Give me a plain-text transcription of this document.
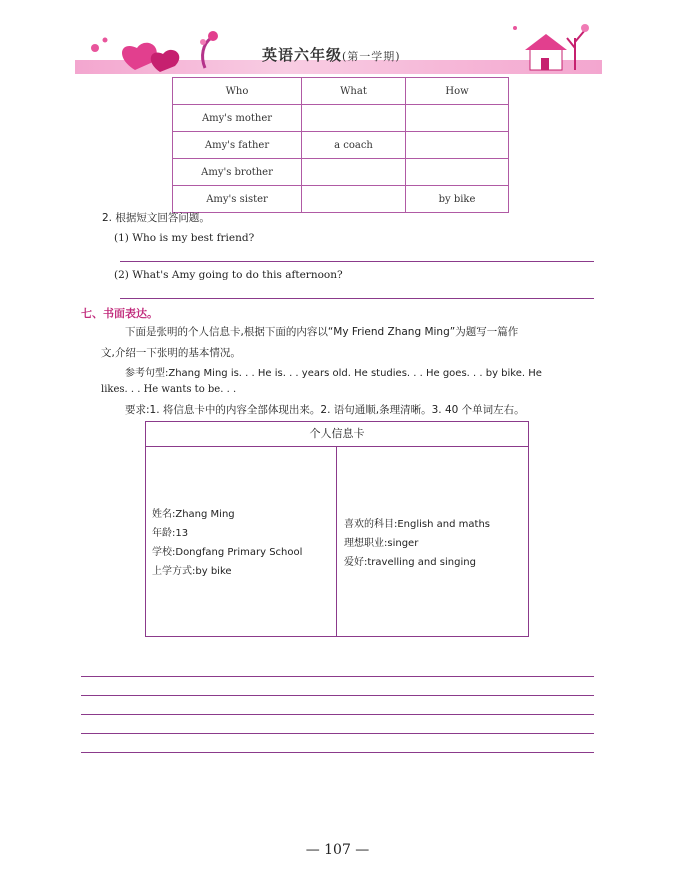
英语六年级(第一学期)
Who	What	How
Amy's mother		
Amy's father	a coach	
Amy's brother		
Amy's sister		by bike
2. 根据短文回答问题。
(1) Who is my best friend?
(2) What's Amy going to do this afternoon?
七、书面表达。
下面是张明的个人信息卡,根据下面的内容以“My Friend Zhang Ming”为题写一篇作
文,介绍一下张明的基本情况。
参考句型:Zhang Ming is. . . He is. . . years old. He studies. . . He goes. . . by bike. He
likes. . . He wants to be. . .
要求:1. 将信息卡中的内容全部体现出来。2. 语句通顺,条理清晰。3. 40 个单词左右。
个人信息卡
姓名:Zhang Ming
年龄:13
学校:Dongfang Primary School
上学方式:by bike
喜欢的科目:English and maths
理想职业:singer
爱好:travelling and singing
— 107 —
